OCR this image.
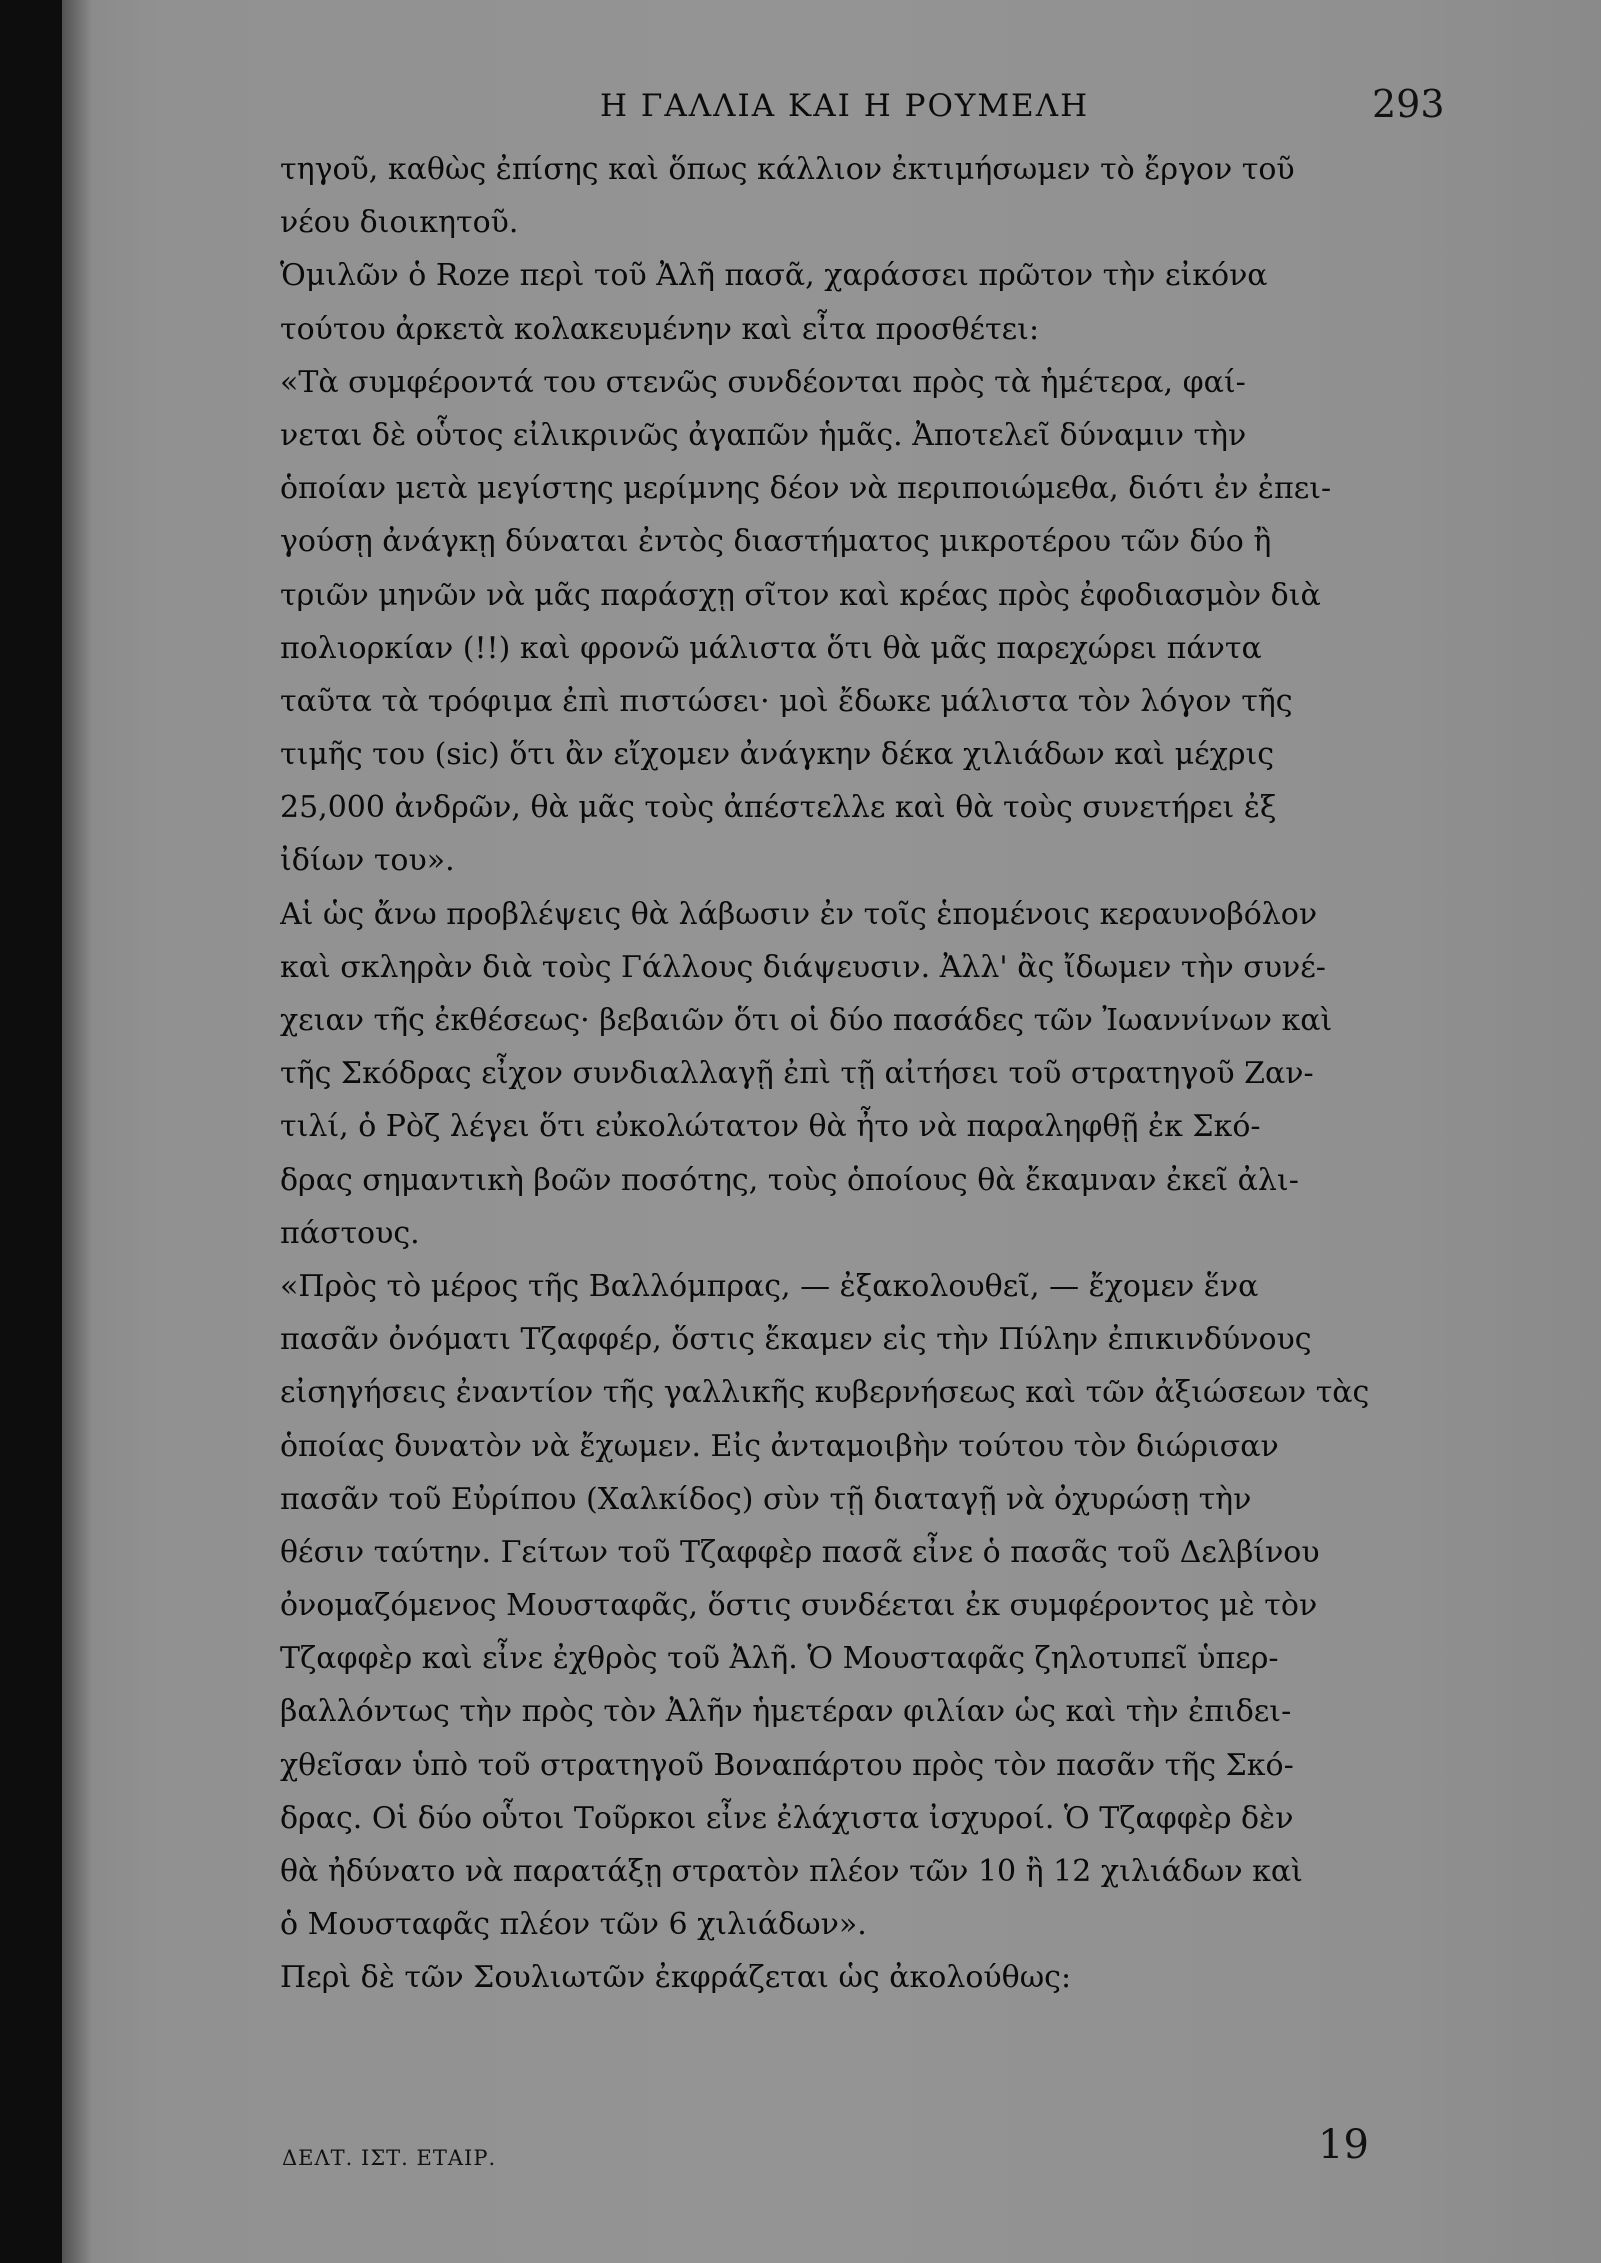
Η ΓΑΛΛΙΑ ΚΑΙ Η ΡΟΥΜΕΛΗ	293
τηγοῦ, καθὼς ἐπίσης καὶ ὅπως κάλλιον ἐκτιμήσωμεν τὸ ἔργον τοῦ
νέου διοικητοῦ.
Ὁμιλῶν ὁ Roze περὶ τοῦ Ἀλῆ πασᾶ, χαράσσει πρῶτον τὴν εἰκόνα
τούτου ἀρκετὰ κολακευμένην καὶ εἶτα προσθέτει:
«Τὰ συμφέροντά του στενῶς συνδέονται πρὸς τὰ ἡμέτερα, φαί-
νεται δὲ οὗτος εἰλικρινῶς ἀγαπῶν ἡμᾶς. Ἀποτελεῖ δύναμιν τὴν
ὁποίαν μετὰ μεγίστης μερίμνης δέον νὰ περιποιώμεθα, διότι ἐν ἐπει-
γούσῃ ἀνάγκῃ δύναται ἐντὸς διαστήματος μικροτέρου τῶν δύο ἢ
τριῶν μηνῶν νὰ μᾶς παράσχῃ σῖτον καὶ κρέας πρὸς ἐφοδιασμὸν διὰ
πολιορκίαν (!!) καὶ φρονῶ μάλιστα ὅτι θὰ μᾶς παρεχώρει πάντα
ταῦτα τὰ τρόφιμα ἐπὶ πιστώσει· μοὶ ἔδωκε μάλιστα τὸν λόγον τῆς
τιμῆς του (sic) ὅτι ἂν εἴχομεν ἀνάγκην δέκα χιλιάδων καὶ μέχρις
25,000 ἀνδρῶν, θὰ μᾶς τοὺς ἀπέστελλε καὶ θὰ τοὺς συνετήρει ἐξ
ἰδίων του».
Αἱ ὡς ἄνω προβλέψεις θὰ λάβωσιν ἐν τοῖς ἑπομένοις κεραυνοβόλον
καὶ σκληρὰν διὰ τοὺς Γάλλους διάψευσιν. Ἀλλ' ἂς ἴδωμεν τὴν συνέ-
χειαν τῆς ἐκθέσεως· βεβαιῶν ὅτι οἱ δύο πασάδες τῶν Ἰωαννίνων καὶ
τῆς Σκόδρας εἶχον συνδιαλλαγῇ ἐπὶ τῇ αἰτήσει τοῦ στρατηγοῦ Ζαν-
τιλί, ὁ Ρὸζ λέγει ὅτι εὐκολώτατον θὰ ἦτο νὰ παραληφθῇ ἐκ Σκό-
δρας σημαντικὴ βοῶν ποσότης, τοὺς ὁποίους θὰ ἔκαμναν ἐκεῖ ἀλι-
πάστους.
«Πρὸς τὸ μέρος τῆς Βαλλόμπρας, — ἐξακολουθεῖ, — ἔχομεν ἕνα
πασᾶν ὀνόματι Τζαφφέρ, ὅστις ἔκαμεν εἰς τὴν Πύλην ἐπικινδύνους
εἰσηγήσεις ἐναντίον τῆς γαλλικῆς κυβερνήσεως καὶ τῶν ἀξιώσεων τὰς
ὁποίας δυνατὸν νὰ ἔχωμεν. Εἰς ἀνταμοιβὴν τούτου τὸν διώρισαν
πασᾶν τοῦ Εὐρίπου (Χαλκίδος) σὺν τῇ διαταγῇ νὰ ὀχυρώσῃ τὴν
θέσιν ταύτην. Γείτων τοῦ Τζαφφὲρ πασᾶ εἶνε ὁ πασᾶς τοῦ Δελβίνου
ὀνομαζόμενος Μουσταφᾶς, ὅστις συνδέεται ἐκ συμφέροντος μὲ τὸν
Τζαφφὲρ καὶ εἶνε ἐχθρὸς τοῦ Ἀλῆ. Ὁ Μουσταφᾶς ζηλοτυπεῖ ὑπερ-
βαλλόντως τὴν πρὸς τὸν Ἀλῆν ἡμετέραν φιλίαν ὡς καὶ τὴν ἐπιδει-
χθεῖσαν ὑπὸ τοῦ στρατηγοῦ Βοναπάρτου πρὸς τὸν πασᾶν τῆς Σκό-
δρας. Οἱ δύο οὗτοι Τοῦρκοι εἶνε ἐλάχιστα ἰσχυροί. Ὁ Τζαφφὲρ δὲν
θὰ ἠδύνατο νὰ παρατάξῃ στρατὸν πλέον τῶν 10 ἢ 12 χιλιάδων καὶ
ὁ Μουσταφᾶς πλέον τῶν 6 χιλιάδων».
Περὶ δὲ τῶν Σουλιωτῶν ἐκφράζεται ὡς ἀκολούθως:
ΔΕΛΤ. ΙΣΤ. ΕΤΑΙΡ.	19
